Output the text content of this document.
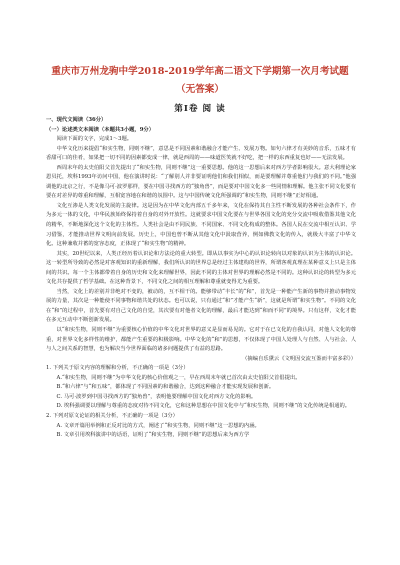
重庆市万州龙驹中学2018-2019学年高二语文下学期第一次月考试题
（无答案）
第Ⅰ卷 阅 读
一、现代文阅读（36分）
（一）论述类文本阅读（本题共3小题，9分）
阅读下面的文字，完成1～3题。
中华文化历来提倡“和实生物，同则不继”，意思是不同因素和谐融合才能产生、发展万物。如句六律才有美妙的音乐，五味才有香甜可口的佳肴，如果把一切不同的因素都变成一律，就是西周的——味道医笑就不好吃，把一样的东西重复也好——无法发展。
西周末年的太史伯阳父首先提出了“和实生物，同则不继”这一重要思想。他的这一思想后来对西方学者影响很大。意大利理论家恩贝托，埃科1993年访问中国，他在演讲时说：“了解别人并非要证明他们和我们相似，而是要理解并尊重他们与我们的不同。”他强调他的北京之行，不是像马可·波罗那样，要在中国寻找西方的“独角兽”，而是要对中国文化多一些同情和理解。他主张不同文化要有要在对差异的尊重和理解，互相宽容地在和谐的氛围中。这与中国传统文化所强调的“和实生物，同则不继”正好相通。
文化互渗是人类文化发展的主旋律。这是因为在中华文化内部五千多年来，文化在保持其自主性不断发展的各种社会条件下，作为多元一体的文化，中华民族始终保持着自身的对外开放性。这就要求中国文化要在与世界各国文化的充分交流中吸收借鉴其他文化的精华，不断地深化这个文化的主体性。人类社会是由不同民族、不同国家、不同文化构成的整体。各国人民在交流中相互认识、学习借鉴，才能推动世界文明向前发展。历史上，中国也曾不断从其他文化中汲取营养，例如佛教文化的传入，就极大丰富了中华文化。这种兼收并蓄的宽容态度，正体现了“和实生物”的精神。
其实，20世纪以来，人类正经历着认识论和方法论的重大转型。即从以事实为中心的认识论转向以对象的认识为主体的认识论。这一转型所导致的必然是对客观知识的重新理解，我们所认识的世界总是经过主体建构的世界，所谓客观真理在某种意义上只是主体间的共识。每一个主体都带着自身的历史和文化来理解世界，因此不同的主体对世界的理解必然是不同的。这种认识论的转型为多元文化共存提供了哲学基础。在这种背景下，不同文化之间的相互理解和尊重就变得尤为重要。
当然，文化上的差别并非绝对不变的，被动的，互不相干的。能够带动“丰长”的“和”，首先是一种能产生新的事物并推动事物发展的力量，其次是一种能使不同事物和谐共处的状态。也可以说，只有通过“和”才能产生“新”，这就是所谓“和实生物”。不同的文化在“和”的过程中，首先要有对自己文化的自觉，其次要有对他者文化的理解，最后才能达到“和而不同”的境界。只有这样，文化才能在多元互动中不断创新发展。
以“和实生物，同则不继”为重要核心价值的中华文化对世界的意义是显而易见的。它对于在已文化的自我认同，对他人文化的尊重，对世界文化多样性的维护，都能产生重要的积极影响。中华文化的“和”的思想，不仅体现了中国人处理人与自然、人与社会、人与人之间关系的智慧，也为解决当今世界面临的诸多问题提供了有益的思路。
（摘编自乐黛云《文明因交流互鉴而丰富多彩》）
1. 下列关于原文内容的理解和分析，不正确的一项是（3分）
A.“和实生物，同则不继”为中华文化的核心价值观之一，早在西周末年就已首次由太史伯阳父首倡提出。
B.“和六律”与“和五味”，都体现了不同因素的和谐融合，达到这种融合才能实现发展和创新。
C. 马可·波罗到中国寻找西方的“独角兽”，表明他要理解中国文化对西方文化的影响。
D. 埃科强调要以理解与尊重的态度对待不同文化，它和这种思想在中国文化中与“和实生物，同则不继”的文化传统是相通的。
2. 下列对原文论证的相关分析，不正确的一项是（3分）
A. 文章开篇用举例和正反对比的方式，阐述了“和实生物，同则不继”这一思想的内涵。
B. 文章引用埃科演讲中的话语，证明了“和实生物，同则不继”的思想后来为西方学
